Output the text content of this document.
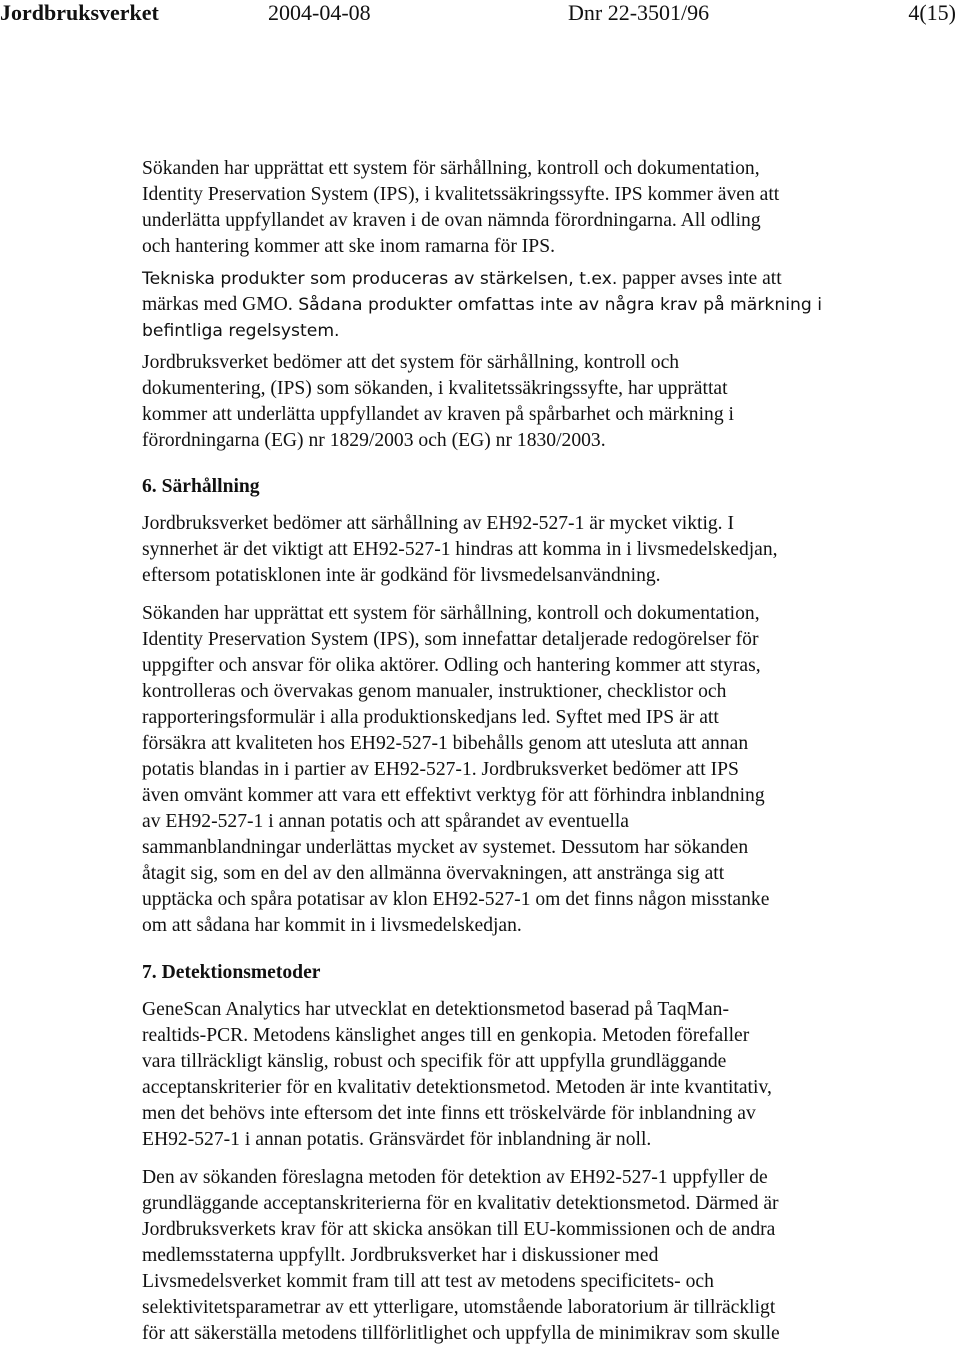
Jordbruksverket	2004-04-08	Dnr 22-3501/96	4(15)

Sökanden har upprättat ett system för särhållning, kontroll och dokumentation,

Identity Preservation System (IPS), i kvalitetssäkringssyfte. IPS kommer även att

underlätta uppfyllandet av kraven i de ovan nämnda förordningarna. All odling

och hantering kommer att ske inom ramarna för IPS.

Tekniska produkter som produceras av stärkelsen, t.ex. papper avses inte att

märkas med GMO. Sådana produkter omfattas inte av några krav på märkning i

befintliga regelsystem.

Jordbruksverket bedömer att det system för särhållning, kontroll och

dokumentering, (IPS) som sökanden, i kvalitetssäkringssyfte, har upprättat

kommer att underlätta uppfyllandet av kraven på spårbarhet och märkning i

förordningarna (EG) nr 1829/2003 och (EG) nr 1830/2003.

6. Särhållning

Jordbruksverket bedömer att särhållning av EH92-527-1 är mycket viktig. I

synnerhet är det viktigt att EH92-527-1 hindras att komma in i livsmedelskedjan,

eftersom potatisklonen inte är godkänd för livsmedelsanvändning.

Sökanden har upprättat ett system för särhållning, kontroll och dokumentation,

Identity Preservation System (IPS), som innefattar detaljerade redogörelser för

uppgifter och ansvar för olika aktörer. Odling och hantering kommer att styras,

kontrolleras och övervakas genom manualer, instruktioner, checklistor och

rapporteringsformulär i alla produktionskedjans led. Syftet med IPS är att

försäkra att kvaliteten hos EH92-527-1 bibehålls genom att utesluta att annan

potatis blandas in i partier av EH92-527-1. Jordbruksverket bedömer att IPS

även omvänt kommer att vara ett effektivt verktyg för att förhindra inblandning

av EH92-527-1 i annan potatis och att spårandet av eventuella

sammanblandningar underlättas mycket av systemet. Dessutom har sökanden

åtagit sig, som en del av den allmänna övervakningen, att anstränga sig att

upptäcka och spåra potatisar av klon EH92-527-1 om det finns någon misstanke

om att sådana har kommit in i livsmedelskedjan.

7. Detektionsmetoder

GeneScan Analytics har utvecklat en detektionsmetod baserad på TaqMan-

realtids-PCR. Metodens känslighet anges till en genkopia. Metoden förefaller

vara tillräckligt känslig, robust och specifik för att uppfylla grundläggande

acceptanskriterier för en kvalitativ detektionsmetod. Metoden är inte kvantitativ,

men det behövs inte eftersom det inte finns ett tröskelvärde för inblandning av

EH92-527-1 i annan potatis. Gränsvärdet för inblandning är noll.

Den av sökanden föreslagna metoden för detektion av EH92-527-1 uppfyller de

grundläggande acceptanskriterierna för en kvalitativ detektionsmetod. Därmed är

Jordbruksverkets krav för att skicka ansökan till EU-kommissionen och de andra

medlemsstaterna uppfyllt. Jordbruksverket har i diskussioner med

Livsmedelsverket kommit fram till att test av metodens specificitets- och

selektivitetsparametrar av ett ytterligare, utomstående laboratorium är tillräckligt

för att säkerställa metodens tillförlitlighet och uppfylla de minimikrav som skulle
